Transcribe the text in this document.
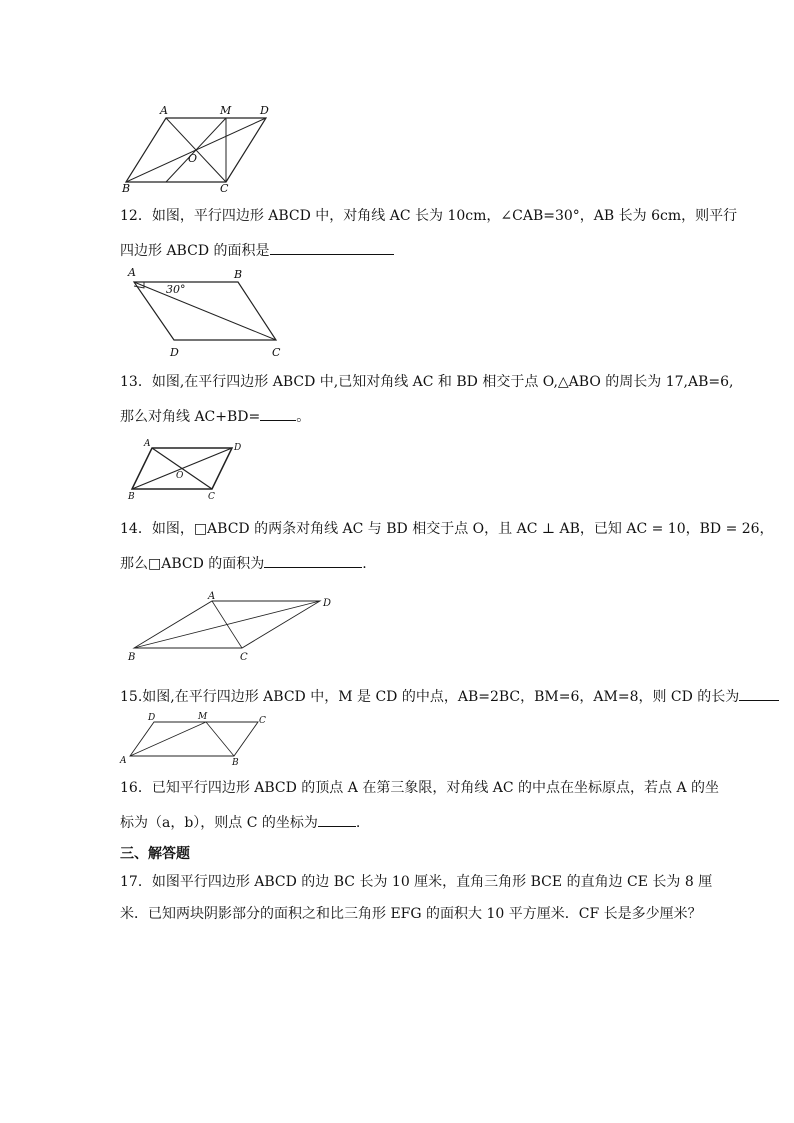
A	M	D
O
B	C
12．如图，平行四边形 ABCD 中，对角线 AC 长为 10cm，∠CAB=30°，AB 长为 6cm，则平行
四边形 ABCD 的面积是
30°
A	B
D	C
13．如图,在平行四边形 ABCD 中,已知对角线 AC 和 BD 相交于点 O,△ABO 的周长为 17,AB=6,
那么对角线 AC+BD=	。
A	D
O
B	C
14．如图，□ABCD 的两条对角线 AC 与 BD 相交于点 O，且 AC ⊥ AB，已知 AC = 10，BD = 26，
那么□ABCD 的面积为	.
A
D
B	C
15.如图,在平行四边形 ABCD 中，M 是 CD 的中点，AB=2BC，BM=6，AM=8，则 CD 的长为
D	M	C
A	B
16．已知平行四边形 ABCD 的顶点 A 在第三象限，对角线 AC 的中点在坐标原点，若点 A 的坐
标为（a，b），则点 C 的坐标为	.
三、解答题
17．如图平行四边形 ABCD 的边 BC 长为 10 厘米，直角三角形 BCE 的直角边 CE 长为 8 厘
米．已知两块阴影部分的面积之和比三角形 EFG 的面积大 10 平方厘米．CF 长是多少厘米？
